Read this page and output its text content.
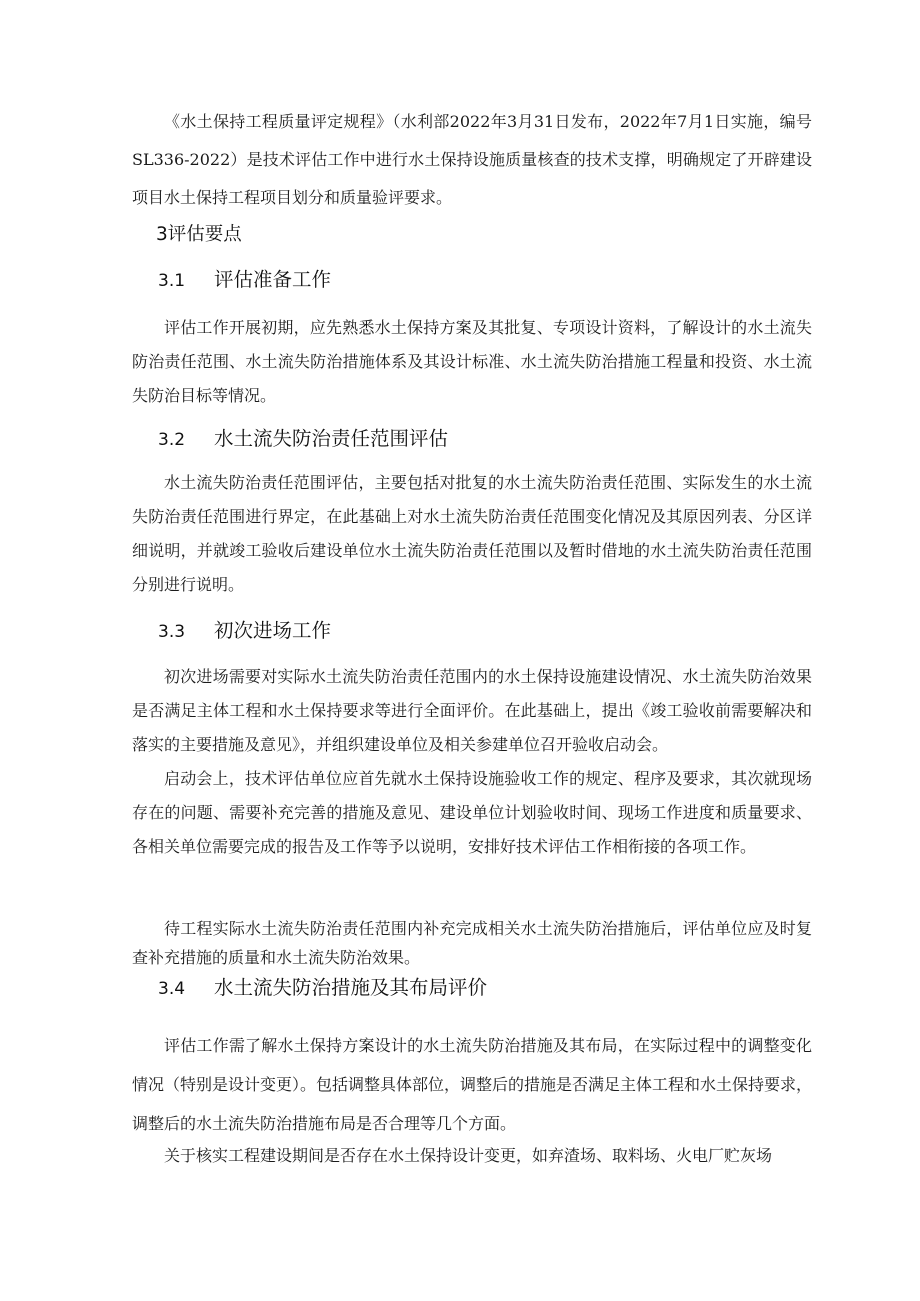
《水土保持工程质量评定规程》（水利部2022年3月31日发布，2022年7月1日实施，编号SL336-2022）是技术评估工作中进行水土保持设施质量核查的技术支撑，明确规定了开辟建设项目水土保持工程项目划分和质量验评要求。

3评估要点
3.1 评估准备工作

评估工作开展初期，应先熟悉水土保持方案及其批复、专项设计资料，了解设计的水土流失防治责任范围、水土流失防治措施体系及其设计标准、水土流失防治措施工程量和投资、水土流失防治目标等情况。

3.2 水土流失防治责任范围评估

水土流失防治责任范围评估，主要包括对批复的水土流失防治责任范围、实际发生的水土流失防治责任范围进行界定，在此基础上对水土流失防治责任范围变化情况及其原因列表、分区详细说明，并就竣工验收后建设单位水土流失防治责任范围以及暂时借地的水土流失防治责任范围分别进行说明。

3.3 初次进场工作

初次进场需要对实际水土流失防治责任范围内的水土保持设施建设情况、水土流失防治效果是否满足主体工程和水土保持要求等进行全面评价。在此基础上，提出《竣工验收前需要解决和落实的主要措施及意见》，并组织建设单位及相关参建单位召开验收启动会。

启动会上，技术评估单位应首先就水土保持设施验收工作的规定、程序及要求，其次就现场存在的问题、需要补充完善的措施及意见、建设单位计划验收时间、现场工作进度和质量要求、各相关单位需要完成的报告及工作等予以说明，安排好技术评估工作相衔接的各项工作。

待工程实际水土流失防治责任范围内补充完成相关水土流失防治措施后，评估单位应及时复查补充措施的质量和水土流失防治效果。

3.4 水土流失防治措施及其布局评价

评估工作需了解水土保持方案设计的水土流失防治措施及其布局，在实际过程中的调整变化情况（特别是设计变更）。包括调整具体部位，调整后的措施是否满足主体工程和水土保持要求，调整后的水土流失防治措施布局是否合理等几个方面。

关于核实工程建设期间是否存在水土保持设计变更，如弃渣场、取料场、火电厂贮灰场
